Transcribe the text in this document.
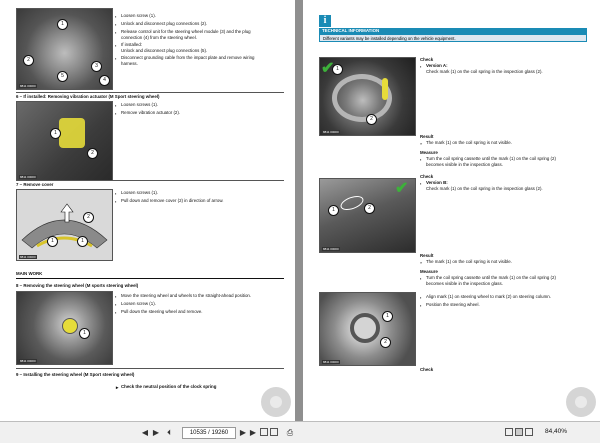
1
2
3
5
4
8811 00000
▪ Loosen screw (1).
▪ Unlock and disconnect plug connections (2).
▪ Release control unit for the steering wheel module (3) and the plug
connection (4) from the steering wheel.
▪ If installed:
Unlock and disconnect plug connections (5).
▪ Disconnect grounding cable from the impact plate and remove wiring
harness.
6 – If installed: Removing vibration actuator (M Sport steering wheel)
1
2
8811 00000
▪ Loosen screws (1).
▪ Remove vibration actuator (2).
7 – Remove cover
2
1	1
8811 00000
▪ Loosen screws (1).
▪ Pull down and remove cover (2) in direction of arrow.
MAIN WORK
8 – Removing the steering wheel (M sports steering wheel)
1
8811 00000
▪ Move the steering wheel and wheels to the straight-ahead position.
▪ Loosen screw (1).
▪ Pull down the steering wheel and remove.
9 – Installing the steering wheel (M Sport steering wheel)
► Check the neutral position of the clock spring
i
TECHNICAL INFORMATION
Different variants may be installed depending on the vehicle equipment.
1
2
8811 00000
✔
Check
▪ Version A:
Check mark (1) on the coil spring in the inspection glass (2).
Result
» The mark (1) on the coil spring is not visible.
Measure
▪ Turn the coil spring cassette until the mark (1) on the coil spring (2)
becomes visible in the inspection glass.
1	2
8811 00000
✔
Check
▪ Version B:
Check mark (1) on the coil spring in the inspection glass (2).
Result
» The mark (1) on the coil spring is not visible.
Measure
▪ Turn the coil spring cassette until the mark (1) on the coil spring (2)
becomes visible in the inspection glass.
1
2
8811 00000
▪ Align mark (1) on steering wheel to mark (2) on steering column.
▪ Position the steering wheel.
Check
◀ ▶ ⏴	10535 / 19260	▶ ▶	⎙	84,40%
